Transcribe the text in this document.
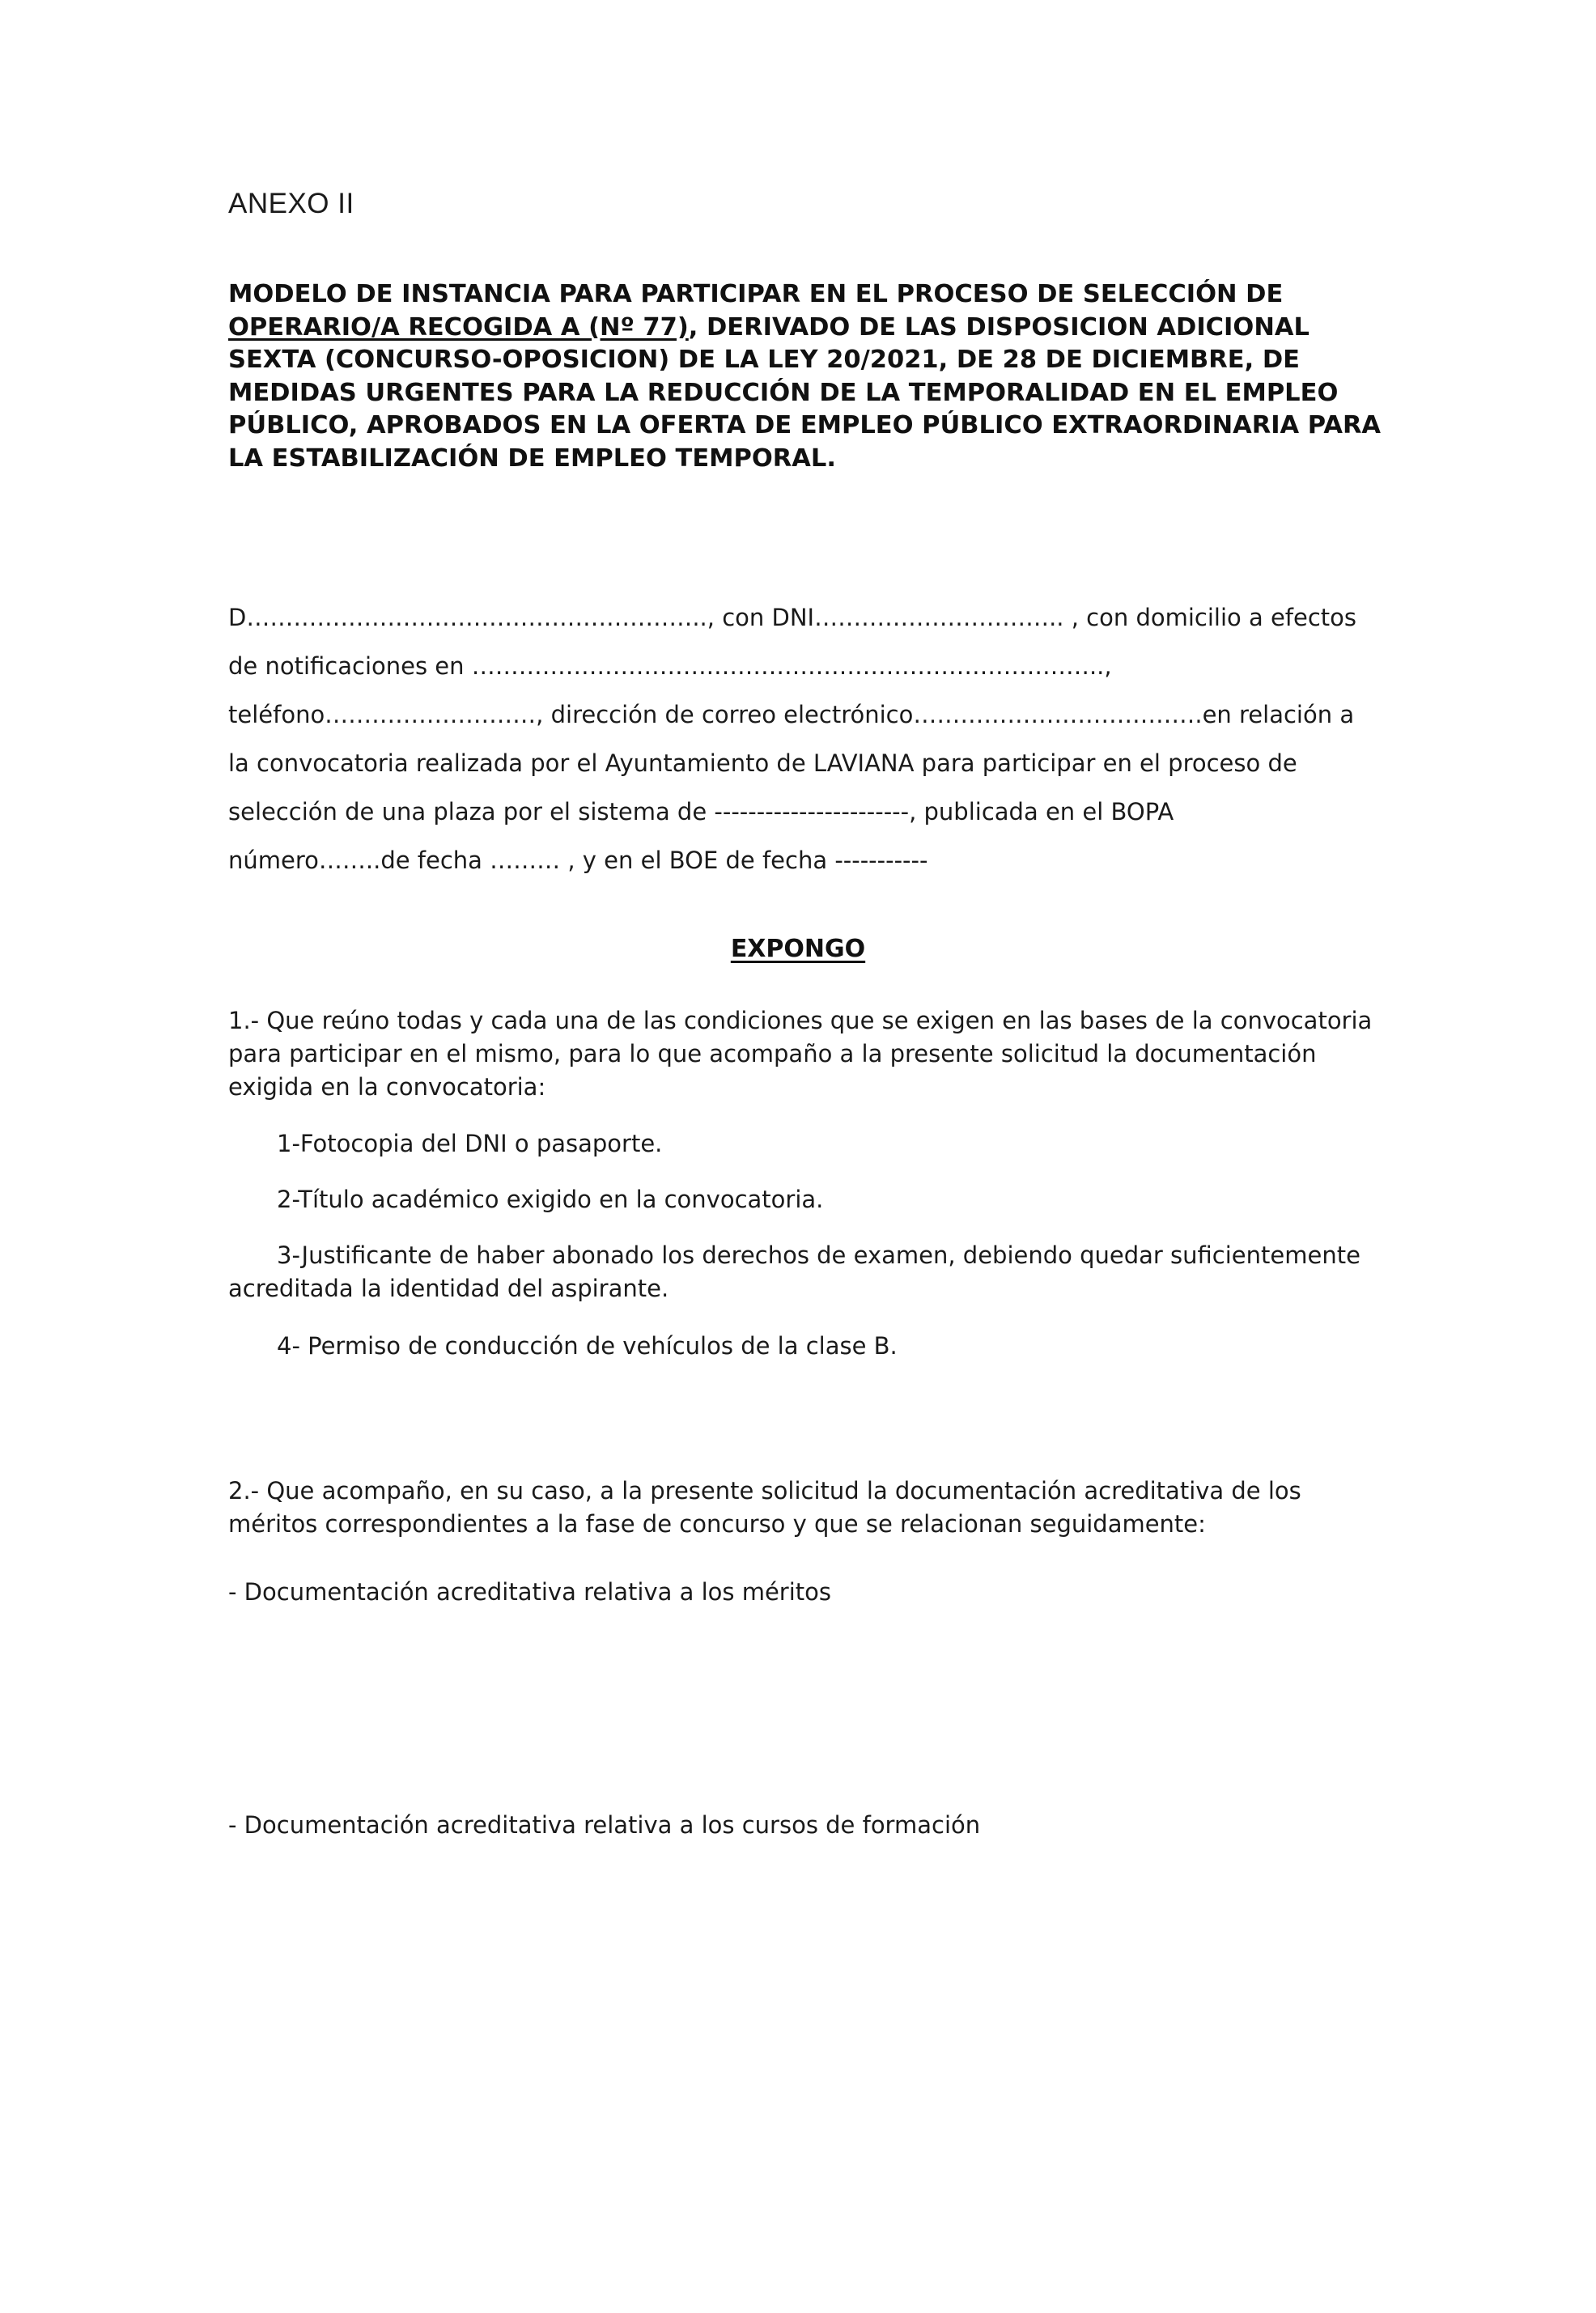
ANEXO II

MODELO DE INSTANCIA PARA PARTICIPAR EN EL PROCESO DE SELECCIÓN DE OPERARIO/A RECOGIDA A (Nº 77), DERIVADO DE LAS DISPOSICION ADICIONAL SEXTA (CONCURSO-OPOSICION) DE LA LEY 20/2021, DE 28 DE DICIEMBRE, DE MEDIDAS URGENTES PARA LA REDUCCIÓN DE LA TEMPORALIDAD EN EL EMPLEO PÚBLICO, APROBADOS EN LA OFERTA DE EMPLEO PÚBLICO EXTRAORDINARIA PARA LA ESTABILIZACIÓN DE EMPLEO TEMPORAL.

D………………………………………………….., con DNI………………………….. , con domicilio a efectos

de notificaciones en ………………………….…………………………………………..,

teléfono………………………, dirección de correo electrónico……………………………….en relación a

la convocatoria realizada por el Ayuntamiento de LAVIANA para participar en el proceso de

selección de una plaza por el sistema de -----------------------, publicada en el BOPA

número……..de fecha ……… , y en el BOE de fecha -----------

EXPONGO

1.- Que reúno todas y cada una de las condiciones que se exigen en las bases de la convocatoria para participar en el mismo, para lo que acompaño a la presente solicitud la documentación exigida en la convocatoria:

1-Fotocopia del DNI o pasaporte.

2-Título académico exigido en la convocatoria.

3-Justificante de haber abonado los derechos de examen, debiendo quedar suficientemente acreditada la identidad del aspirante.

4- Permiso de conducción de vehículos de la clase B.

2.- Que acompaño, en su caso, a la presente solicitud la documentación acreditativa de los méritos correspondientes a la fase de concurso y que se relacionan seguidamente:

- Documentación acreditativa relativa a los méritos

- Documentación acreditativa relativa a los cursos de formación
